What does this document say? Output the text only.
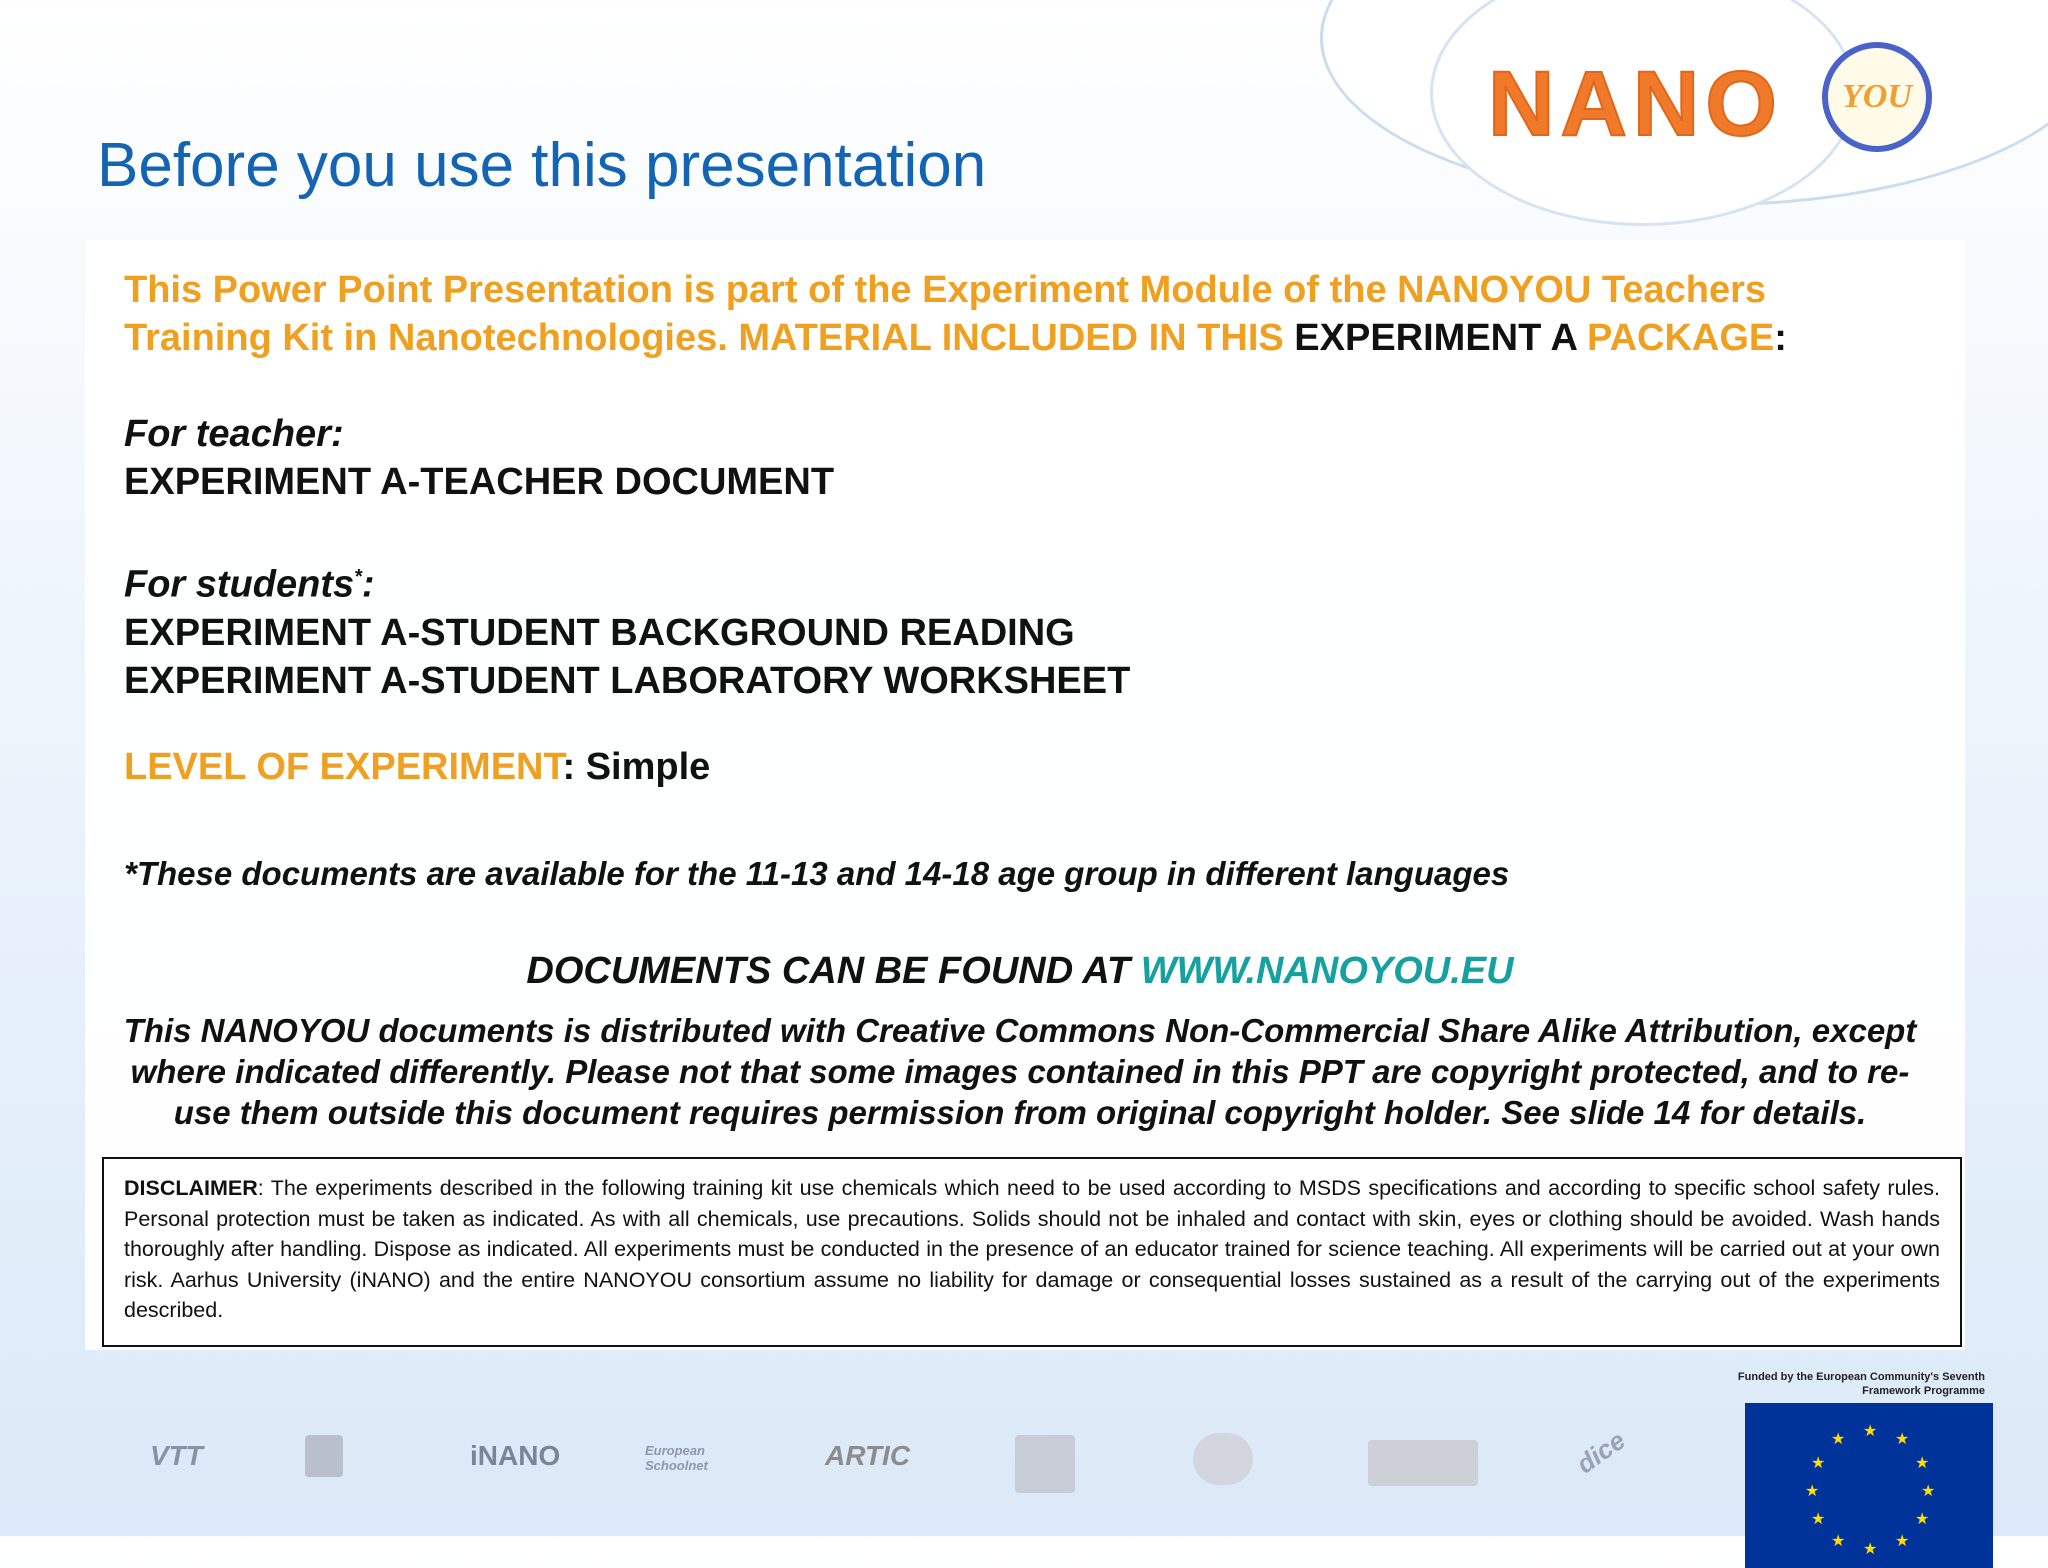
NANO	YOU
Before you use this presentation
This Power Point Presentation is part of the Experiment Module of the NANOYOU Teachers Training Kit in Nanotechnologies. MATERIAL INCLUDED IN THIS EXPERIMENT A PACKAGE:
For teacher:
EXPERIMENT A-TEACHER DOCUMENT
For students*:
EXPERIMENT A-STUDENT BACKGROUND READING
EXPERIMENT A-STUDENT LABORATORY WORKSHEET
LEVEL OF EXPERIMENT: Simple
*These documents are available for the 11-13 and 14-18 age group in different languages
DOCUMENTS CAN BE FOUND AT WWW.NANOYOU.EU
This NANOYOU documents is distributed with Creative Commons Non-Commercial Share Alike Attribution, except where indicated differently. Please not that some images contained in this PPT are copyright protected, and to re-use them outside this document requires permission from original copyright holder. See slide 14 for details.
DISCLAIMER: The experiments described in the following training kit use chemicals which need to be used according to MSDS specifications and according to specific school safety rules. Personal protection must be taken as indicated. As with all chemicals, use precautions. Solids should not be inhaled and contact with skin, eyes or clothing should be avoided. Wash hands thoroughly after handling. Dispose as indicated. All experiments must be conducted in the presence of an educator trained for science teaching. All experiments will be carried out at your own risk. Aarhus University (iNANO) and the entire NANOYOU consortium assume no liability for damage or consequential losses sustained as a result of the carrying out of the experiments described.
VTT	iNANO	European Schoolnet	ARTIC	dice
Funded by the European Community's Seventh Framework Programme
★ ★
★
★
★
★
★
★
★
★
★
★
